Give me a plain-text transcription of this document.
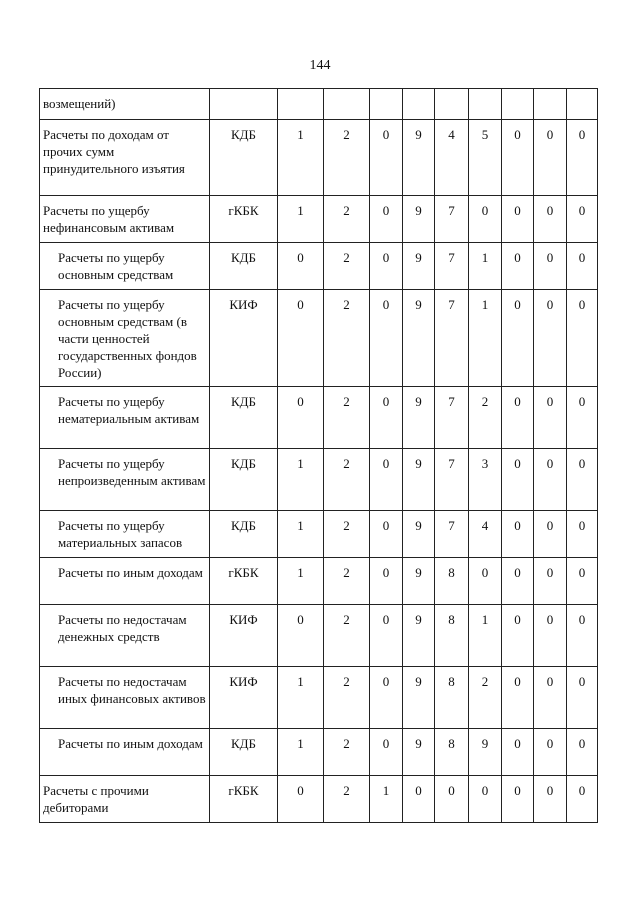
144
возмещений)										
Расчеты по доходам от прочих сумм принудительного изъятия	КДБ	1	2	0	9	4	5	0	0	0
Расчеты по ущербу нефинансовым активам	гКБК	1	2	0	9	7	0	0	0	0
Расчеты по ущербу основным средствам	КДБ	0	2	0	9	7	1	0	0	0
Расчеты по ущербу основным средствам (в части ценностей государственных фондов России)	КИФ	0	2	0	9	7	1	0	0	0
Расчеты по ущербу нематериальным активам	КДБ	0	2	0	9	7	2	0	0	0
Расчеты по ущербу непроизведенным активам	КДБ	1	2	0	9	7	3	0	0	0
Расчеты по ущербу материальных запасов	КДБ	1	2	0	9	7	4	0	0	0
Расчеты по иным доходам	гКБК	1	2	0	9	8	0	0	0	0
Расчеты по недостачам денежных средств	КИФ	0	2	0	9	8	1	0	0	0
Расчеты по недостачам иных финансовых активов	КИФ	1	2	0	9	8	2	0	0	0
Расчеты по иным доходам	КДБ	1	2	0	9	8	9	0	0	0
Расчеты с прочими дебиторами	гКБК	0	2	1	0	0	0	0	0	0
